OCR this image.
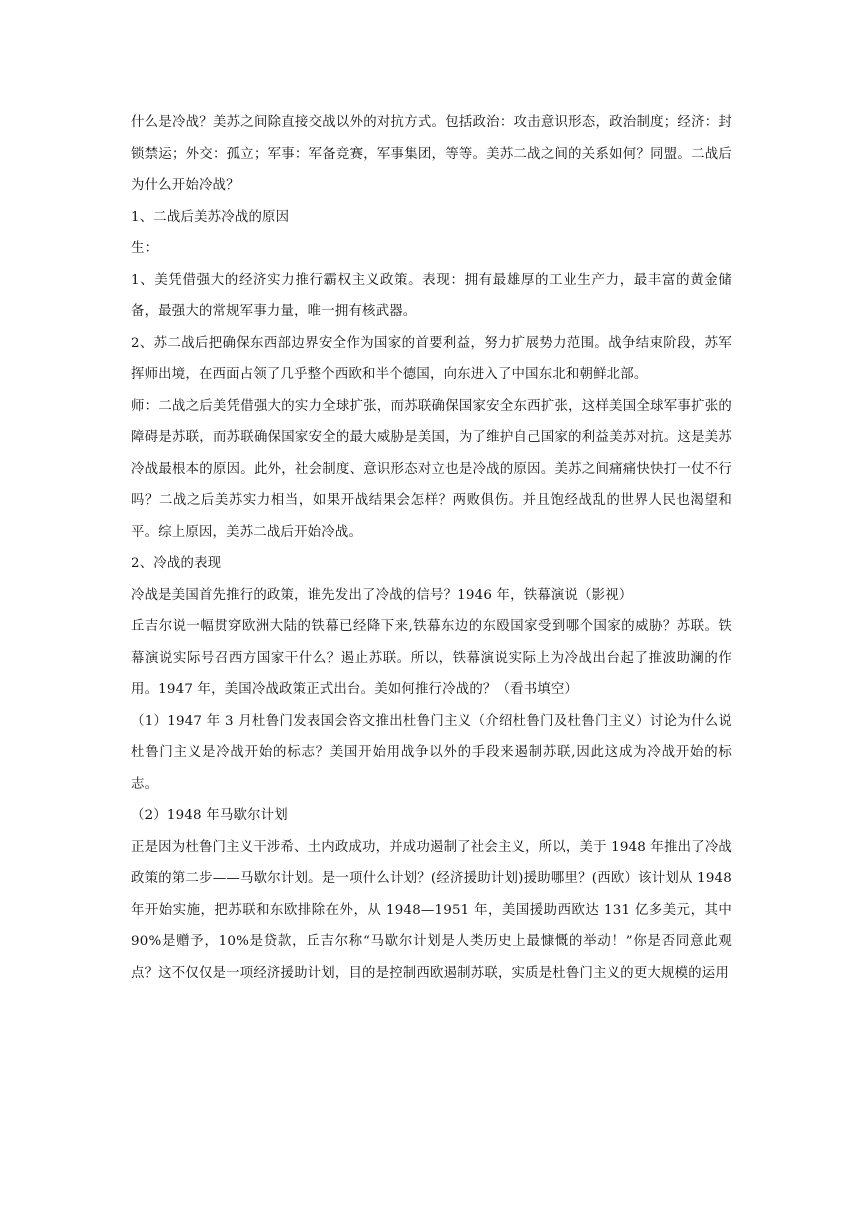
什么是冷战？美苏之间除直接交战以外的对抗方式。包括政治：攻击意识形态，政治制度；经济：封锁禁运；外交：孤立；军事：军备竞赛，军事集团，等等。美苏二战之间的关系如何？同盟。二战后为什么开始冷战？

1、二战后美苏冷战的原因

生：

1、美凭借强大的经济实力推行霸权主义政策。表现：拥有最雄厚的工业生产力，最丰富的黄金储备，最强大的常规军事力量，唯一拥有核武器。

2、苏二战后把确保东西部边界安全作为国家的首要利益，努力扩展势力范围。战争结束阶段，苏军挥师出境，在西面占领了几乎整个西欧和半个德国，向东进入了中国东北和朝鲜北部。

师：二战之后美凭借强大的实力全球扩张，而苏联确保国家安全东西扩张，这样美国全球军事扩张的障碍是苏联，而苏联确保国家安全的最大威胁是美国，为了维护自己国家的利益美苏对抗。这是美苏冷战最根本的原因。此外，社会制度、意识形态对立也是冷战的原因。美苏之间痛痛快快打一仗不行吗？二战之后美苏实力相当，如果开战结果会怎样？两败俱伤。并且饱经战乱的世界人民也渴望和平。综上原因，美苏二战后开始冷战。

2、冷战的表现

冷战是美国首先推行的政策，谁先发出了冷战的信号？1946 年，铁幕演说（影视）

丘吉尔说一幅贯穿欧洲大陆的铁幕已经降下来,铁幕东边的东殴国家受到哪个国家的威胁？苏联。铁幕演说实际号召西方国家干什么？遏止苏联。所以，铁幕演说实际上为冷战出台起了推波助澜的作用。1947 年，美国冷战政策正式出台。美如何推行冷战的？（看书填空）

（1）1947 年 3 月杜鲁门发表国会咨文推出杜鲁门主义（介绍杜鲁门及杜鲁门主义）讨论为什么说杜鲁门主义是冷战开始的标志？美国开始用战争以外的手段来遏制苏联,因此这成为冷战开始的标志。

（2）1948 年马歇尔计划

正是因为杜鲁门主义干涉希、土内政成功，并成功遏制了社会主义，所以，美于 1948 年推出了冷战政策的第二步——马歇尔计划。是一项什么计划？(经济援助计划)援助哪里？(西欧）该计划从 1948 年开始实施，把苏联和东欧排除在外，从 1948—1951 年，美国援助西欧达 131 亿多美元，其中 90%是赠予，10%是贷款，丘吉尔称“马歇尔计划是人类历史上最慷慨的举动！”你是否同意此观点？这不仅仅是一项经济援助计划，目的是控制西欧遏制苏联，实质是杜鲁门主义的更大规模的运用
